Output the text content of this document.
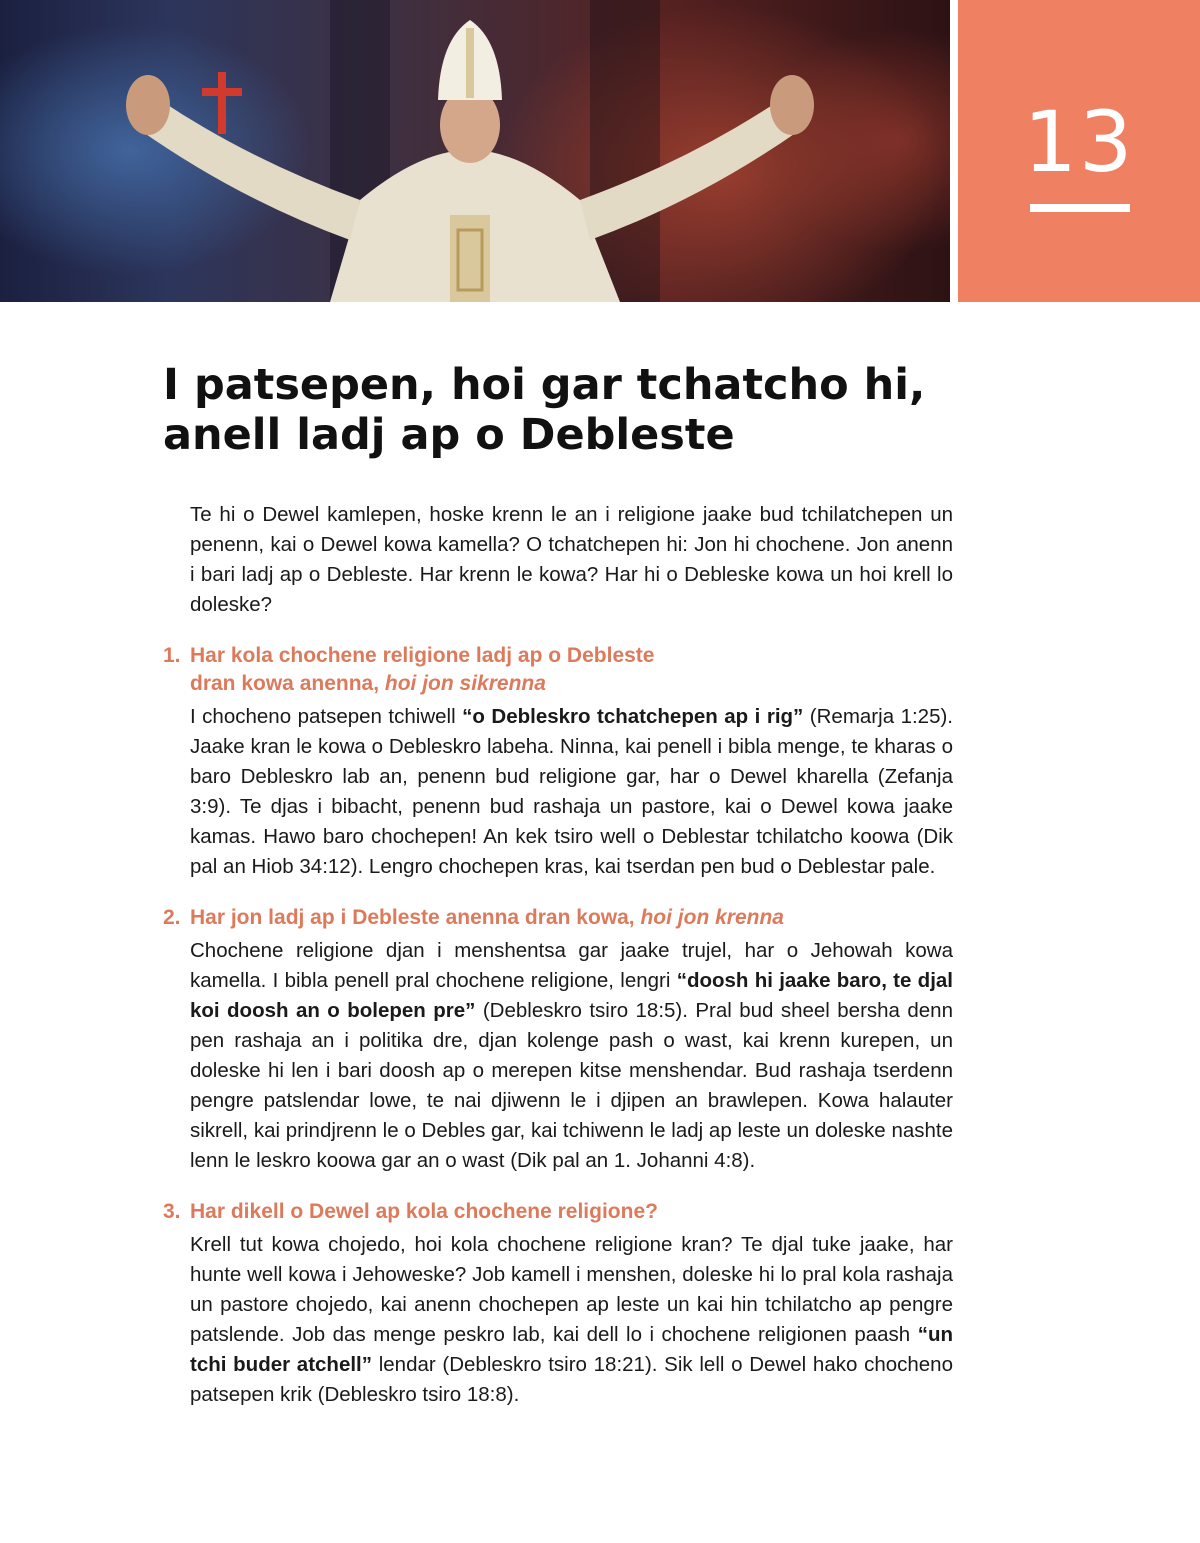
13
I patsepen, hoi gar tchatcho hi,
anell ladj ap o Debleste

Te hi o Dewel kamlepen, hoske krenn le an i religione jaake bud tchilatchepen un penenn, kai o Dewel kowa kamella? O tchatchepen hi: Jon hi chochene. Jon anenn i bari ladj ap o Debleste. Har krenn le kowa? Har hi o Debleske kowa un hoi krell lo doleske?

1. Har kola chochene religione ladj ap o Debleste
dran kowa anenna, hoi jon sikrenna

I chocheno patsepen tchiwell “o Debleskro tchatchepen ap i rig” (Remarja 1:25). Jaake kran le kowa o Debleskro labeha. Ninna, kai penell i bibla menge, te kharas o baro Debleskro lab an, penenn bud religione gar, har o Dewel kharella (Zefanja 3:9). Te djas i bibacht, penenn bud rashaja un pastore, kai o Dewel kowa jaake kamas. Hawo baro chochepen! An kek tsiro well o Deblestar tchilatcho koowa (Dik pal an Hiob 34:12). Lengro chochepen kras, kai tserdan pen bud o Deblestar pale.

2. Har jon ladj ap i Debleste anenna dran kowa, hoi jon krenna

Chochene religione djan i menshentsa gar jaake trujel, har o Jehowah kowa kamella. I bibla penell pral chochene religione, lengri “doosh hi jaake baro, te djal koi doosh an o bolepen pre” (Debleskro tsiro 18:5). Pral bud sheel bersha denn pen rashaja an i politika dre, djan kolenge pash o wast, kai krenn kurepen, un doleske hi len i bari doosh ap o merepen kitse menshendar. Bud rashaja tserdenn pengre patslendar lowe, te nai djiwenn le i djipen an brawlepen. Kowa halauter sikrell, kai prindjrenn le o Debles gar, kai tchiwenn le ladj ap leste un doleske nashte lenn le leskro koowa gar an o wast (Dik pal an 1. Johanni 4:8).

3. Har dikell o Dewel ap kola chochene religione?

Krell tut kowa chojedo, hoi kola chochene religione kran? Te djal tuke jaake, har hunte well kowa i Jehoweske? Job kamell i menshen, doleske hi lo pral kola rashaja un pastore chojedo, kai anenn chochepen ap leste un kai hin tchilatcho ap pengre patslende. Job das menge peskro lab, kai dell lo i chochene religionen paash “un tchi buder atchell” lendar (Debleskro tsiro 18:21). Sik lell o Dewel hako chocheno patsepen krik (Debleskro tsiro 18:8).
